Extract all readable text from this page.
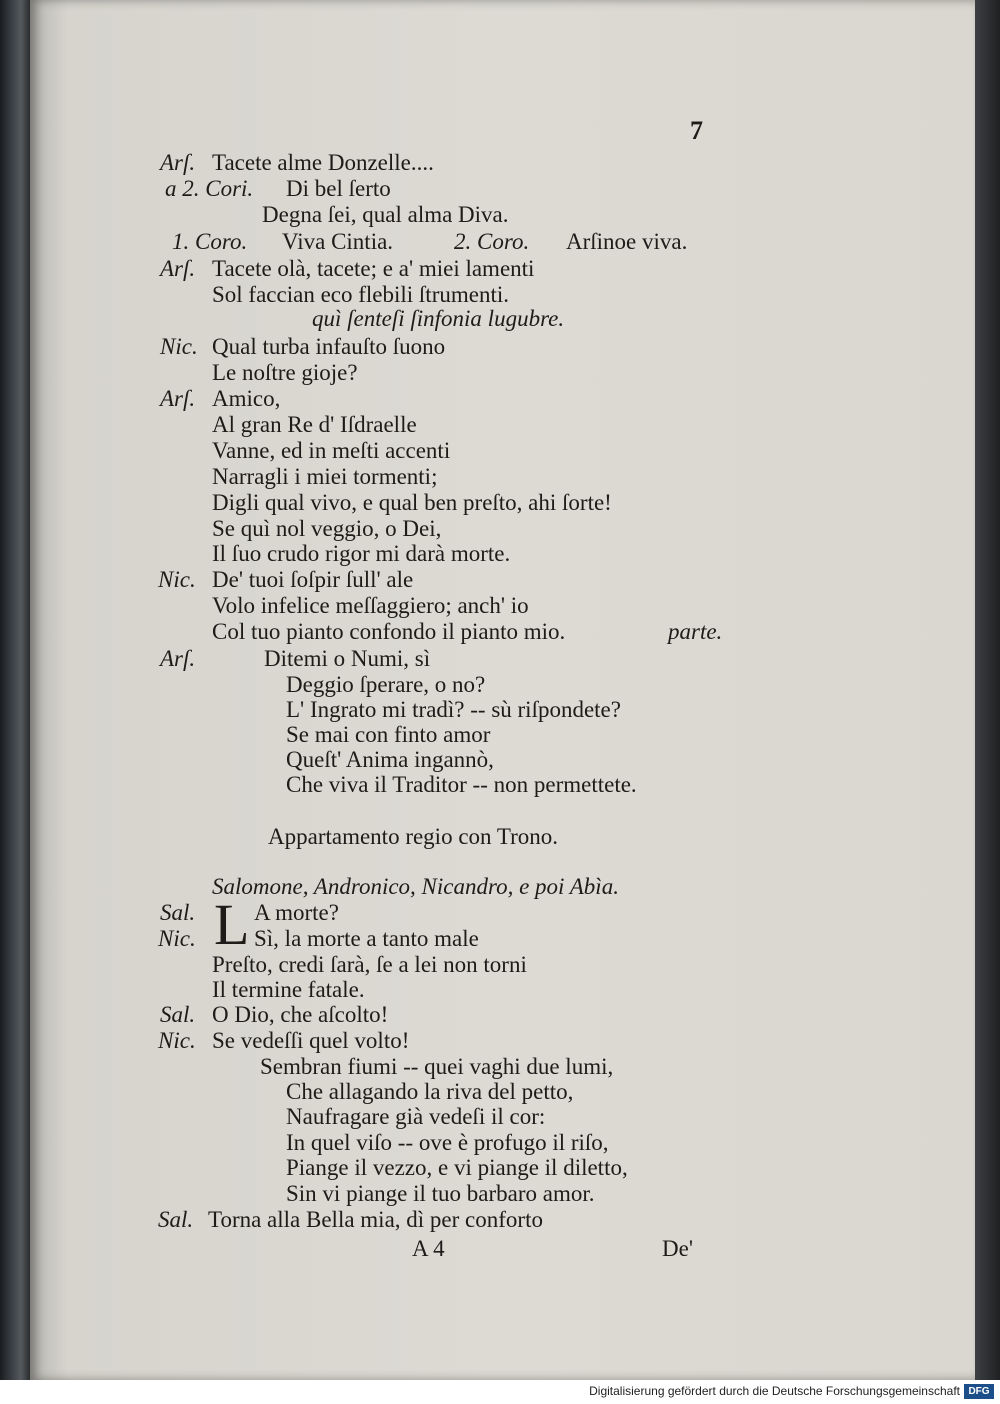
7
Arſ. Tacete alme Donzelle....
a 2. Cori. Di bel ſerto
Degna ſei, qual alma Diva.
1. Coro. Viva Cintia.	2. Coro. Arſinoe viva.
Arſ. Tacete olà, tacete; e a' miei lamenti
Sol faccian eco flebili ſtrumenti.
quì ſenteſi ſinfonia lugubre.
Nic. Qual turba infauſto ſuono
Le noſtre gioje?
Arſ. Amico,
Al gran Re d' Iſdraelle
Vanne, ed in meſti accenti
Narragli i miei tormenti;
Digli qual vivo, e qual ben preſto, ahi ſorte!
Se quì nol veggio, o Dei,
Il ſuo crudo rigor mi darà morte.
Nic. De' tuoi ſoſpir ſull' ale
Volo infelice meſſaggiero; anch' io
Col tuo pianto confondo il pianto mio.	parte.
Arſ.	Ditemi o Numi, sì
Deggio ſperare, o no?
L' Ingrato mi tradì? -- sù riſpondete?
Se mai con finto amor
Queſt' Anima ingannò,
Che viva il Traditor -- non permettete.
Appartamento regio con Trono.
Salomone, Andronico, Nicandro, e poi Abìa.
L
Sal.	A morte?
Nic.	Sì, la morte a tanto male
Preſto, credi ſarà, ſe a lei non torni
Il termine fatale.
Sal. O Dio, che aſcolto!
Nic. Se vedeſſi quel volto!
Sembran fiumi -- quei vaghi due lumi,
Che allagando la riva del petto,
Naufragare già vedeſi il cor:
In quel viſo -- ove è profugo il riſo,
Piange il vezzo, e vi piange il diletto,
Sin vi piange il tuo barbaro amor.
Sal. Torna alla Bella mia, dì per conforto
A 4	De'
Digitalisierung gefördert durch die Deutsche Forschungsgemeinschaft DFG
